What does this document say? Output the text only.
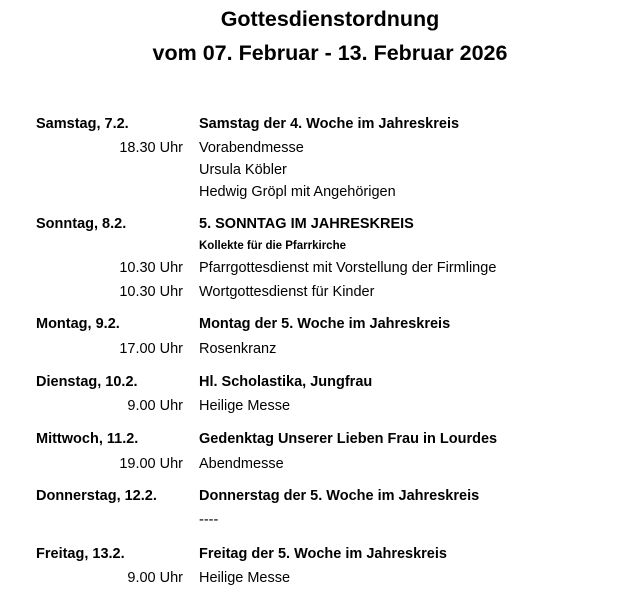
Gottesdienstordnung
vom 07. Februar - 13. Februar 2026
Samstag, 7.2.	Samstag der 4. Woche im Jahreskreis
18.30 Uhr Vorabendmesse
Ursula Köbler
Hedwig Gröpl mit Angehörigen
Sonntag, 8.2.	5. SONNTAG IM JAHRESKREIS
Kollekte für die Pfarrkirche
10.30 Uhr Pfarrgottesdienst mit Vorstellung der Firmlinge
10.30 Uhr Wortgottesdienst für Kinder
Montag, 9.2.	Montag der 5. Woche im Jahreskreis
17.00 Uhr Rosenkranz
Dienstag, 10.2.	Hl. Scholastika, Jungfrau
9.00 Uhr Heilige Messe
Mittwoch, 11.2.	Gedenktag Unserer Lieben Frau in Lourdes
19.00 Uhr Abendmesse
Donnerstag, 12.2.	Donnerstag der 5. Woche im Jahreskreis
----
Freitag, 13.2.	Freitag der 5. Woche im Jahreskreis
9.00 Uhr Heilige Messe
